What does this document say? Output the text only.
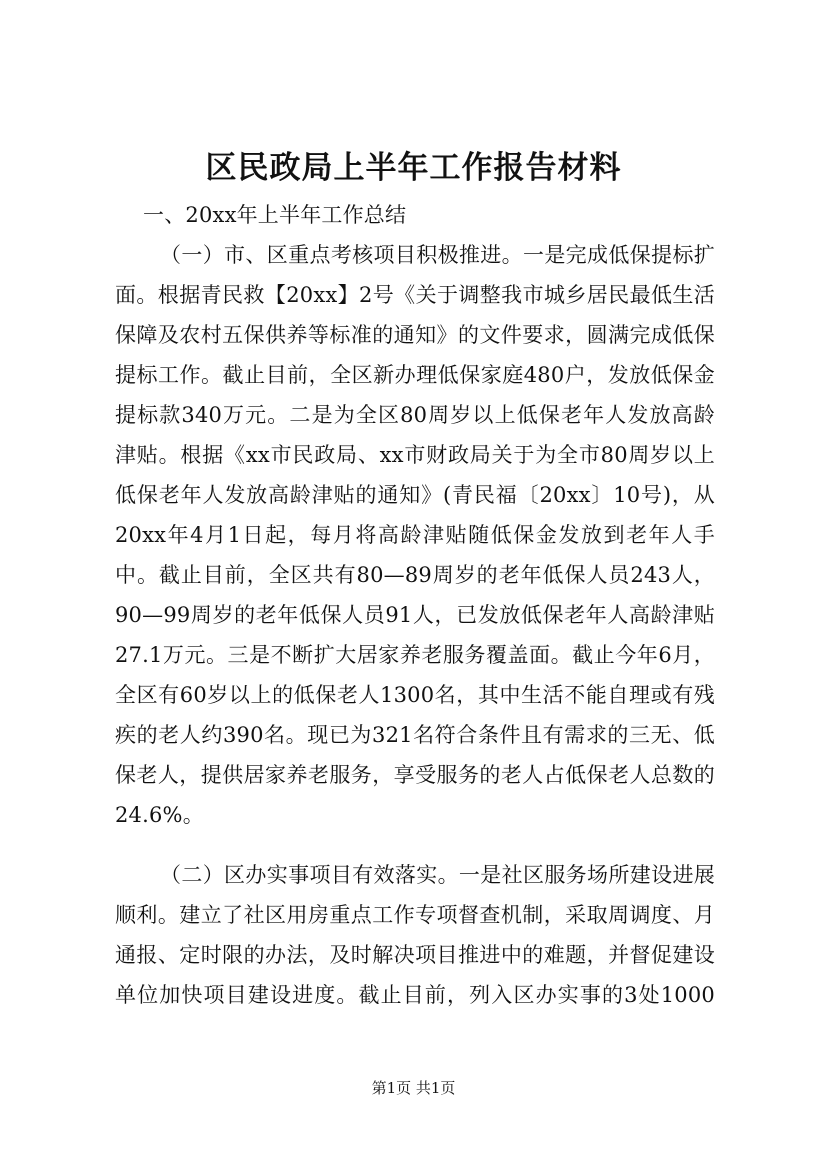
区民政局上半年工作报告材料
一、20xx年上半年工作总结
（一）市、区重点考核项目积极推进。一是完成低保提标扩
面。根据青民救【20xx】2号《关于调整我市城乡居民最低生活
保障及农村五保供养等标准的通知》的文件要求，圆满完成低保
提标工作。截止目前，全区新办理低保家庭480户，发放低保金
提标款340万元。二是为全区80周岁以上低保老年人发放高龄
津贴。根据《xx市民政局、xx市财政局关于为全市80周岁以上
低保老年人发放高龄津贴的通知》(青民福〔20xx〕10号)，从
20xx年4月1日起，每月将高龄津贴随低保金发放到老年人手
中。截止目前，全区共有80—89周岁的老年低保人员243人，
90—99周岁的老年低保人员91人，已发放低保老年人高龄津贴
27.1万元。三是不断扩大居家养老服务覆盖面。截止今年6月，
全区有60岁以上的低保老人1300名，其中生活不能自理或有残
疾的老人约390名。现已为321名符合条件且有需求的三无、低
保老人，提供居家养老服务，享受服务的老人占低保老人总数的
24.6%。
（二）区办实事项目有效落实。一是社区服务场所建设进展
顺利。建立了社区用房重点工作专项督查机制，采取周调度、月
通报、定时限的办法，及时解决项目推进中的难题，并督促建设
单位加快项目建设进度。截止目前，列入区办实事的3处1000
第1页 共1页
